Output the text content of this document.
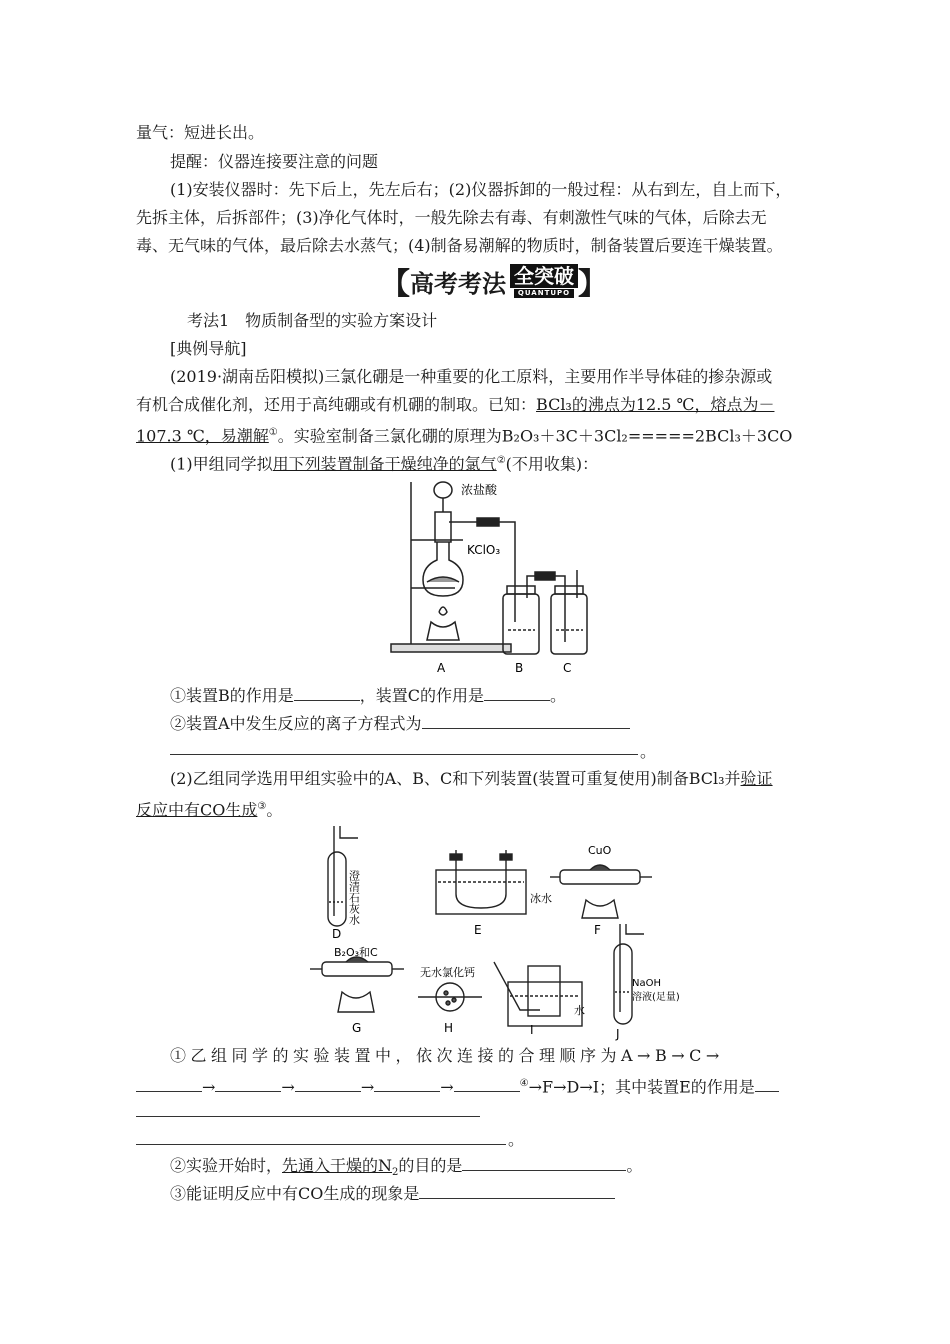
量气：短进长出。
提醒：仪器连接要注意的问题
(1)安装仪器时：先下后上，先左后右；(2)仪器拆卸的一般过程：从右到左，自上而下，
先拆主体，后拆部件；(3)净化气体时，一般先除去有毒、有刺激性气味的气体，后除去无
毒、无气味的气体，最后除去水蒸气；(4)制备易潮解的物质时，制备装置后要连干燥装置。
【 高考考法 全突破
QUANTUPO 】
考法1　物质制备型的实验方案设计
[典例导航]
(2019·湖南岳阳模拟)三氯化硼是一种重要的化工原料，主要用作半导体硅的掺杂源或
有机合成催化剂，还用于高纯硼或有机硼的制取。已知：BCl₃的沸点为12.5 ℃，熔点为－
107.3 ℃，易潮解①。实验室制备三氯化硼的原理为B₂O₃＋3C＋3Cl₂=====2BCl₃＋3CO
(1)甲组同学拟用下列装置制备干燥纯净的氯气②(不用收集)：
浓盐酸
KClO₃
A	B	C
①装置B的作用是	，装置C的作用是	。
②装置A中发生反应的离子方程式为
。
(2)乙组同学选用甲组实验中的A、B、C和下列装置(装置可重复使用)制备BCl₃并验证
反应中有CO生成③。
澄清石灰水
D
冰水
E
CuO
F
B₂O₃和C
G
无水氯化钙
H
水
I
NaOH
溶液(足量)
J
①乙组同学的实验装置中，依次连接的合理顺序为A→B→C→
→	→	→	→	④→F→D→I；其中装置E的作用是
。
②实验开始时，先通入干燥的$N_2$的目的是	。
③能证明反应中有CO生成的现象是
